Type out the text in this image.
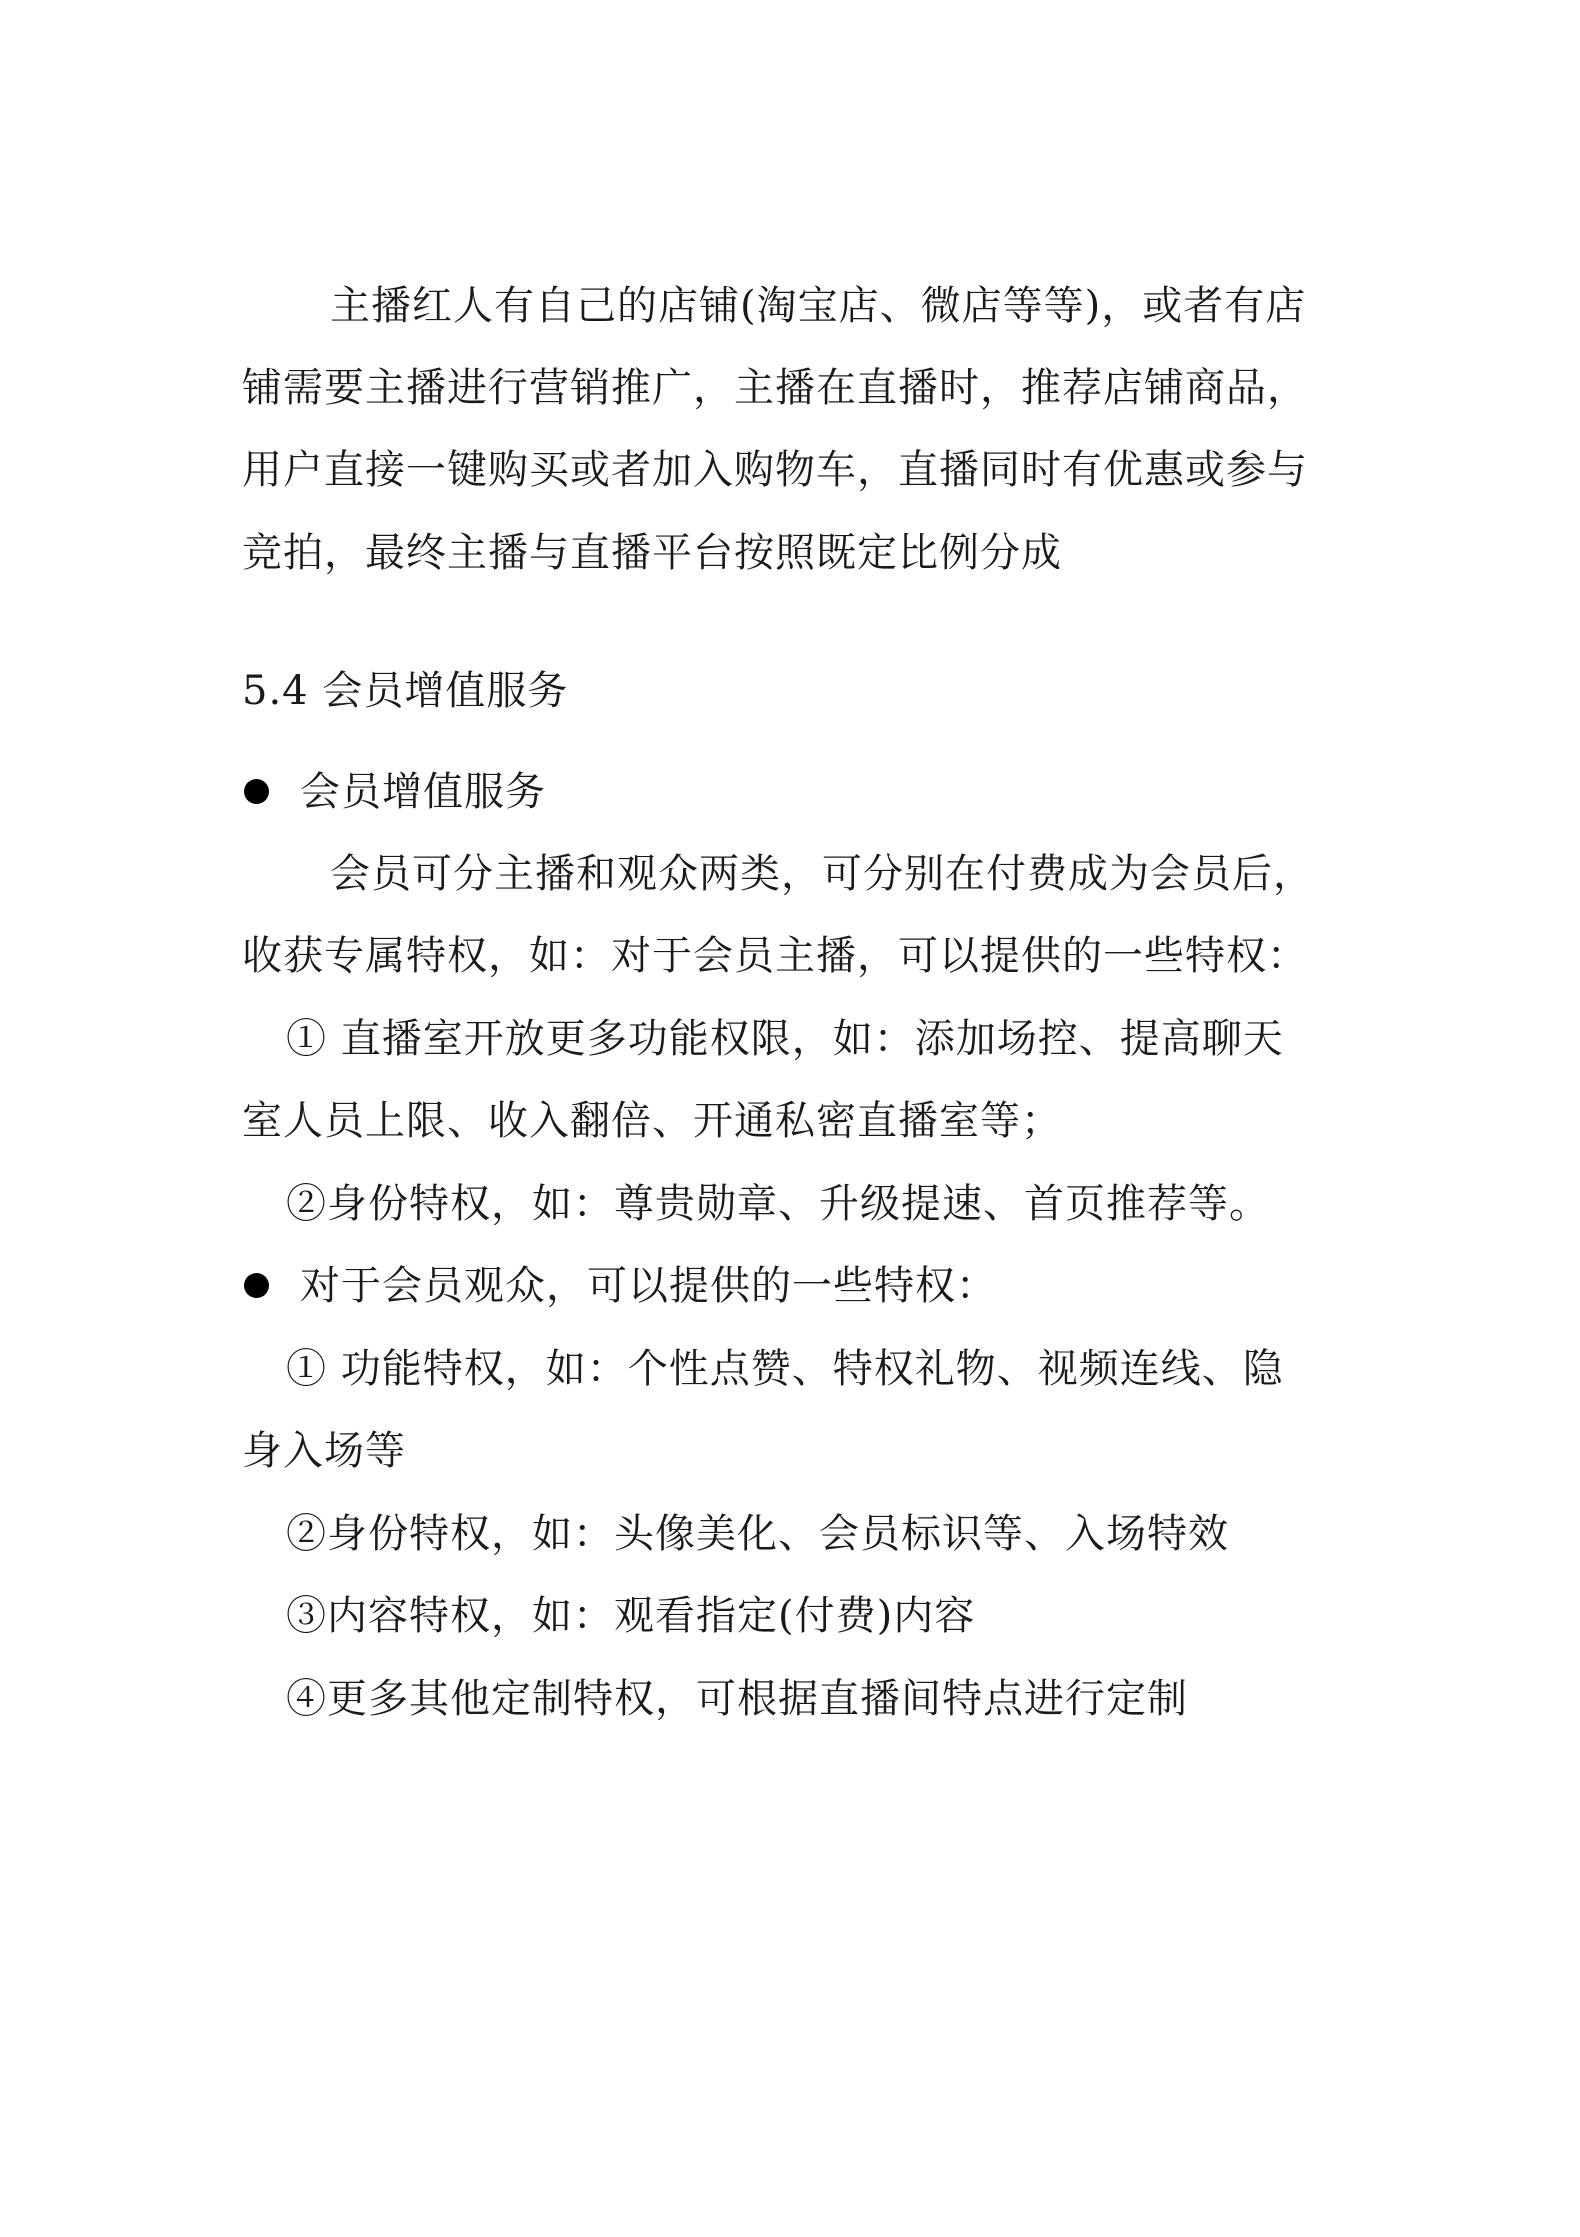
主播红人有自己的店铺(淘宝店、微店等等)，或者有店
铺需要主播进行营销推广，主播在直播时，推荐店铺商品，
用户直接一键购买或者加入购物车，直播同时有优惠或参与
竞拍，最终主播与直播平台按照既定比例分成
5.4 会员增值服务
会员增值服务
会员可分主播和观众两类，可分别在付费成为会员后，
收获专属特权，如：对于会员主播，可以提供的一些特权：
① 直播室开放更多功能权限，如：添加场控、提高聊天
室人员上限、收入翻倍、开通私密直播室等；
②身份特权，如：尊贵勋章、升级提速、首页推荐等。
对于会员观众，可以提供的一些特权：
① 功能特权，如：个性点赞、特权礼物、视频连线、隐
身入场等
②身份特权，如：头像美化、会员标识等、入场特效
③内容特权，如：观看指定(付费)内容
④更多其他定制特权，可根据直播间特点进行定制
